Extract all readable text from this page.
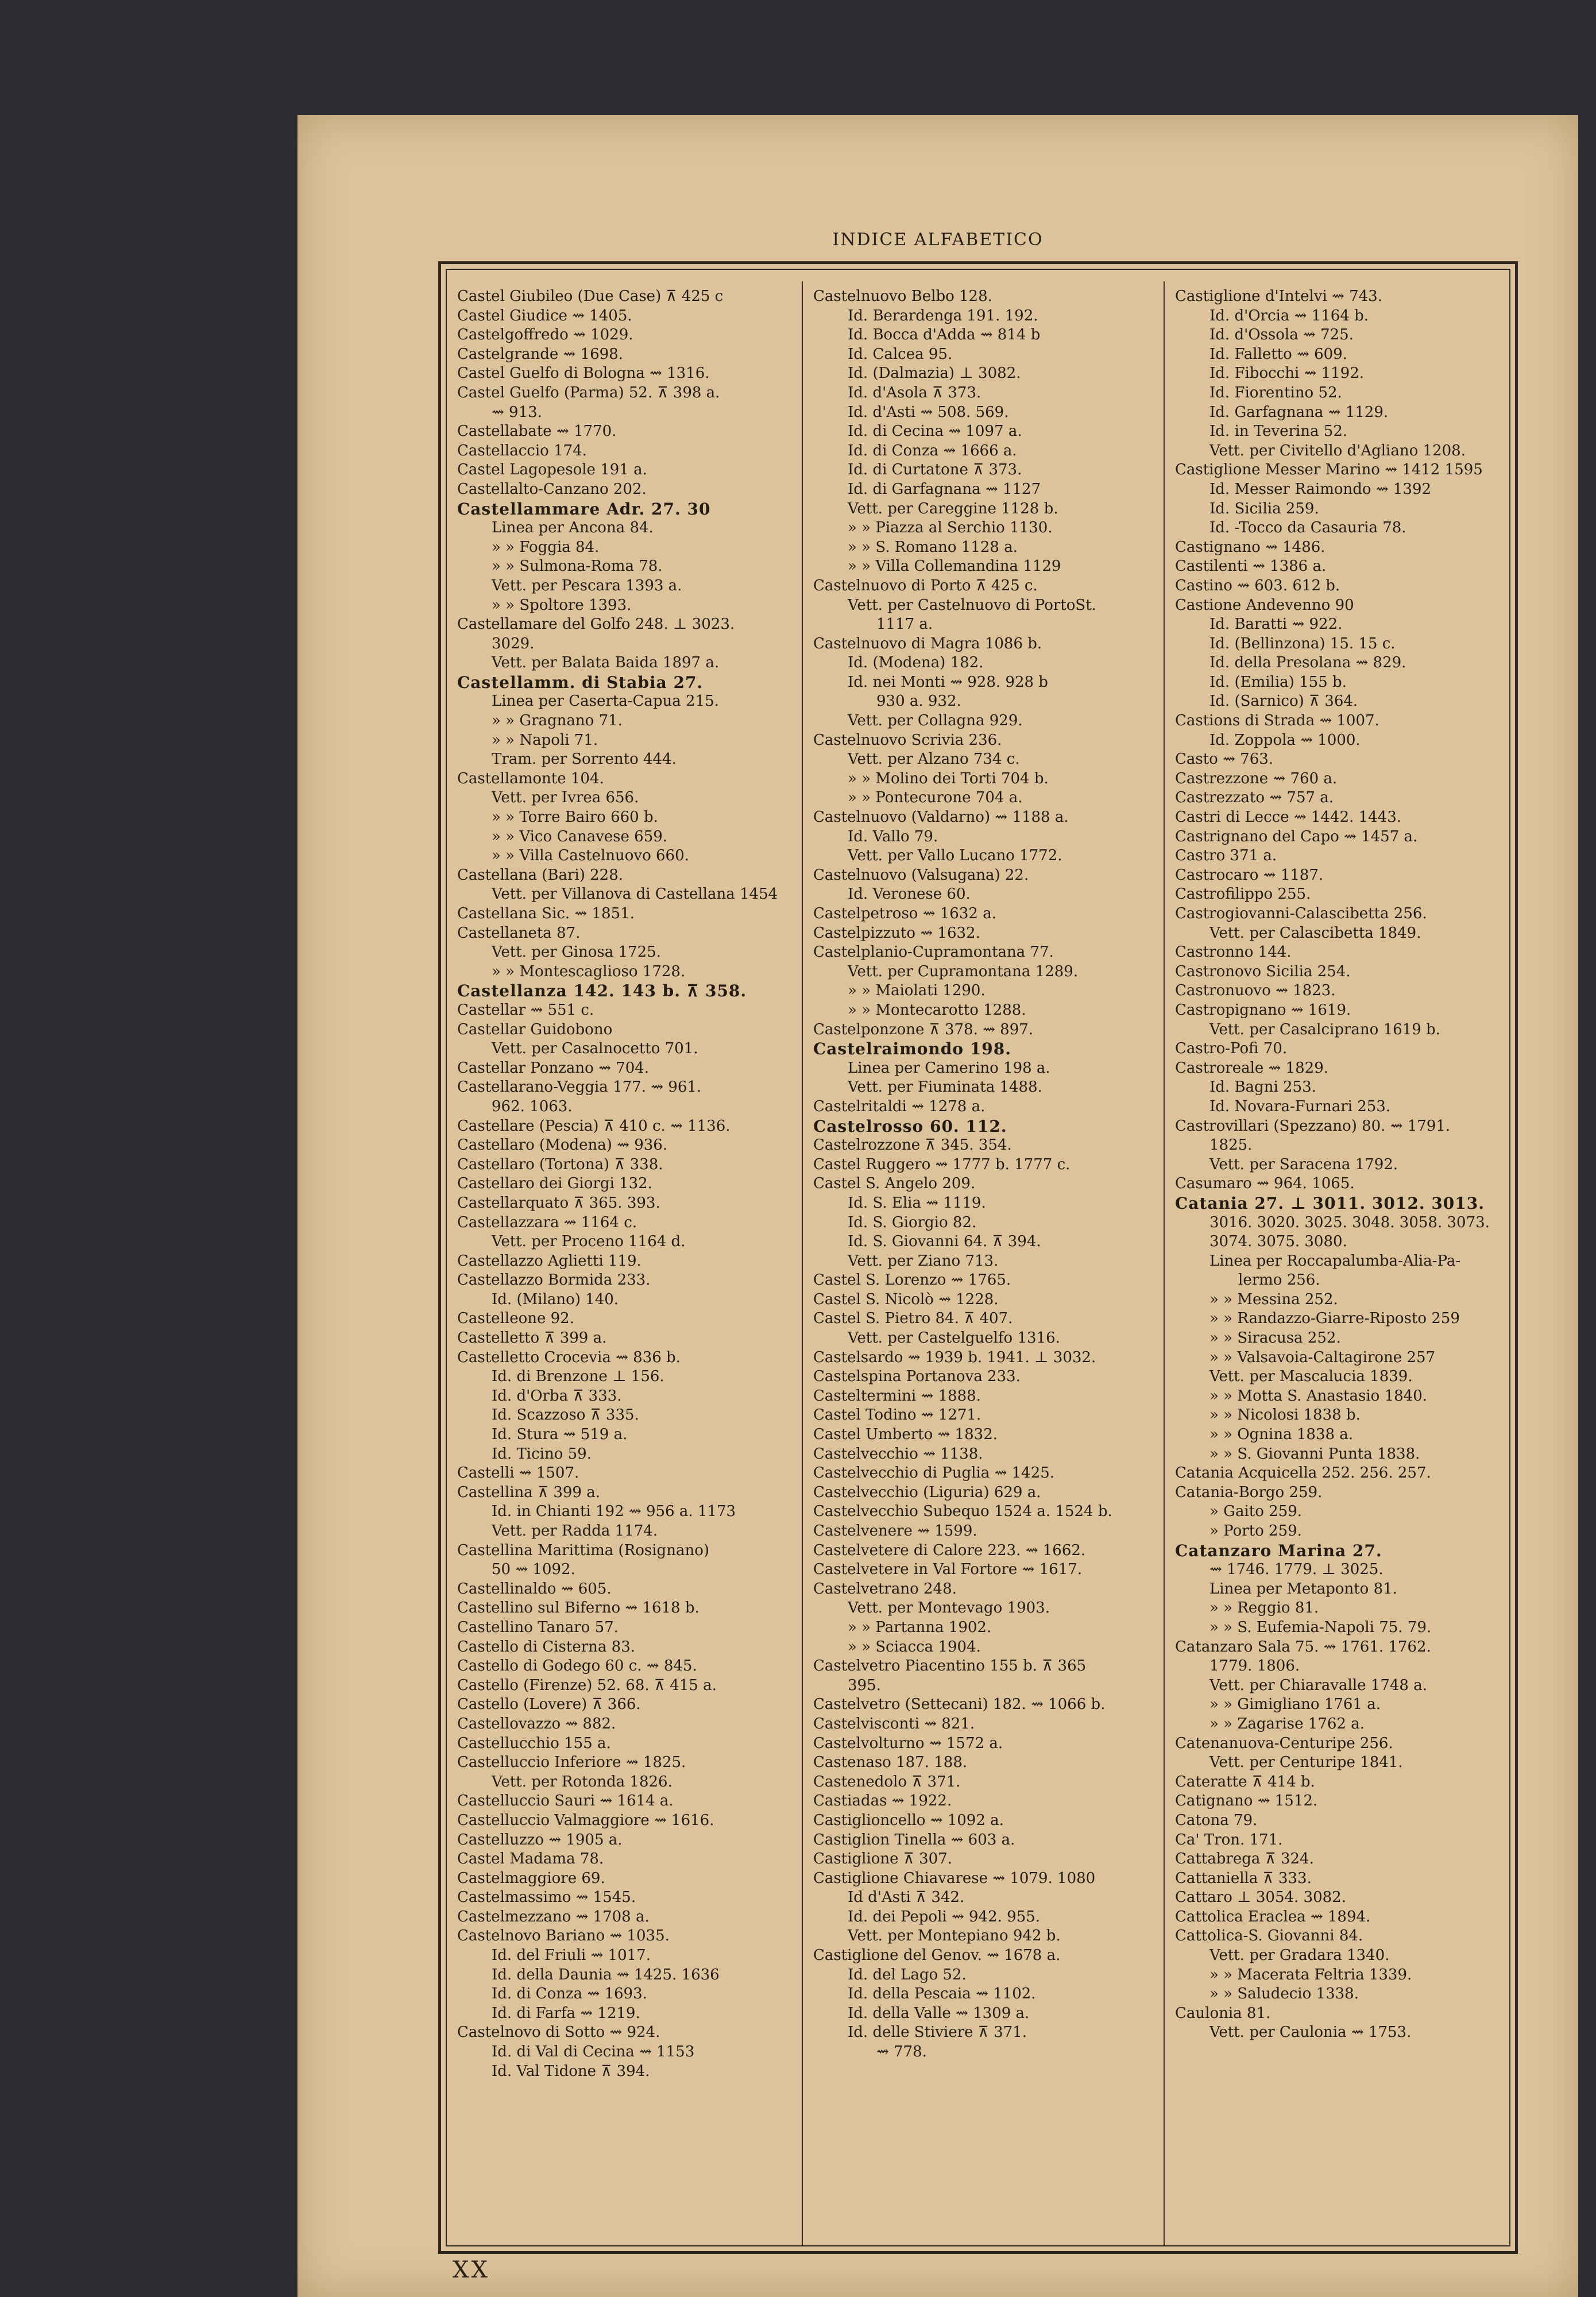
INDICE ALFABETICO
Castel Giubileo (Due Case) ⊼ 425 c
Castel Giudice ⇝ 1405.
Castelgoffredo ⇝ 1029.
Castelgrande ⇝ 1698.
Castel Guelfo di Bologna ⇝ 1316.
Castel Guelfo (Parma) 52. ⊼ 398 a.
⇝ 913.
Castellabate ⇝ 1770.
Castellaccio 174.
Castel Lagopesole 191 a.
Castellalto-Canzano 202.
Castellammare Adr. 27. 30
Linea per Ancona 84.
» » Foggia 84.
» » Sulmona-Roma 78.
Vett. per Pescara 1393 a.
» » Spoltore 1393.
Castellamare del Golfo 248. ⊥ 3023.
3029.
Vett. per Balata Baida 1897 a.
Castellamm. di Stabia 27.
Linea per Caserta-Capua 215.
» » Gragnano 71.
» » Napoli 71.
Tram. per Sorrento 444.
Castellamonte 104.
Vett. per Ivrea 656.
» » Torre Bairo 660 b.
» » Vico Canavese 659.
» » Villa Castelnuovo 660.
Castellana (Bari) 228.
Vett. per Villanova di Castellana 1454
Castellana Sic. ⇝ 1851.
Castellaneta 87.
Vett. per Ginosa 1725.
» » Montescaglioso 1728.
Castellanza 142. 143 b. ⊼ 358.
Castellar ⇝ 551 c.
Castellar Guidobono
Vett. per Casalnocetto 701.
Castellar Ponzano ⇝ 704.
Castellarano-Veggia 177. ⇝ 961.
962. 1063.
Castellare (Pescia) ⊼ 410 c. ⇝ 1136.
Castellaro (Modena) ⇝ 936.
Castellaro (Tortona) ⊼ 338.
Castellaro dei Giorgi 132.
Castellarquato ⊼ 365. 393.
Castellazzara ⇝ 1164 c.
Vett. per Proceno 1164 d.
Castellazzo Aglietti 119.
Castellazzo Bormida 233.
Id. (Milano) 140.
Castelleone 92.
Castelletto ⊼ 399 a.
Castelletto Crocevia ⇝ 836 b.
Id. di Brenzone ⊥ 156.
Id. d'Orba ⊼ 333.
Id. Scazzoso ⊼ 335.
Id. Stura ⇝ 519 a.
Id. Ticino 59.
Castelli ⇝ 1507.
Castellina ⊼ 399 a.
Id. in Chianti 192 ⇝ 956 a. 1173
Vett. per Radda 1174.
Castellina Marittima (Rosignano)
50 ⇝ 1092.
Castellinaldo ⇝ 605.
Castellino sul Biferno ⇝ 1618 b.
Castellino Tanaro 57.
Castello di Cisterna 83.
Castello di Godego 60 c. ⇝ 845.
Castello (Firenze) 52. 68. ⊼ 415 a.
Castello (Lovere) ⊼ 366.
Castellovazzo ⇝ 882.
Castellucchio 155 a.
Castelluccio Inferiore ⇝ 1825.
Vett. per Rotonda 1826.
Castelluccio Sauri ⇝ 1614 a.
Castelluccio Valmaggiore ⇝ 1616.
Castelluzzo ⇝ 1905 a.
Castel Madama 78.
Castelmaggiore 69.
Castelmassimo ⇝ 1545.
Castelmezzano ⇝ 1708 a.
Castelnovo Bariano ⇝ 1035.
Id. del Friuli ⇝ 1017.
Id. della Daunia ⇝ 1425. 1636
Id. di Conza ⇝ 1693.
Id. di Farfa ⇝ 1219.
Castelnovo di Sotto ⇝ 924.
Id. di Val di Cecina ⇝ 1153
Id. Val Tidone ⊼ 394.
Castelnuovo Belbo 128.
Id. Berardenga 191. 192.
Id. Bocca d'Adda ⇝ 814 b
Id. Calcea 95.
Id. (Dalmazia) ⊥ 3082.
Id. d'Asola ⊼ 373.
Id. d'Asti ⇝ 508. 569.
Id. di Cecina ⇝ 1097 a.
Id. di Conza ⇝ 1666 a.
Id. di Curtatone ⊼ 373.
Id. di Garfagnana ⇝ 1127
Vett. per Careggine 1128 b.
» » Piazza al Serchio 1130.
» » S. Romano 1128 a.
» » Villa Collemandina 1129
Castelnuovo di Porto ⊼ 425 c.
Vett. per Castelnuovo di PortoSt.
1117 a.
Castelnuovo di Magra 1086 b.
Id. (Modena) 182.
Id. nei Monti ⇝ 928. 928 b
930 a. 932.
Vett. per Collagna 929.
Castelnuovo Scrivia 236.
Vett. per Alzano 734 c.
» » Molino dei Torti 704 b.
» » Pontecurone 704 a.
Castelnuovo (Valdarno) ⇝ 1188 a.
Id. Vallo 79.
Vett. per Vallo Lucano 1772.
Castelnuovo (Valsugana) 22.
Id. Veronese 60.
Castelpetroso ⇝ 1632 a.
Castelpizzuto ⇝ 1632.
Castelplanio-Cupramontana 77.
Vett. per Cupramontana 1289.
» » Maiolati 1290.
» » Montecarotto 1288.
Castelponzone ⊼ 378. ⇝ 897.
Castelraimondo 198.
Linea per Camerino 198 a.
Vett. per Fiuminata 1488.
Castelritaldi ⇝ 1278 a.
Castelrosso 60. 112.
Castelrozzone ⊼ 345. 354.
Castel Ruggero ⇝ 1777 b. 1777 c.
Castel S. Angelo 209.
Id. S. Elia ⇝ 1119.
Id. S. Giorgio 82.
Id. S. Giovanni 64. ⊼ 394.
Vett. per Ziano 713.
Castel S. Lorenzo ⇝ 1765.
Castel S. Nicolò ⇝ 1228.
Castel S. Pietro 84. ⊼ 407.
Vett. per Castelguelfo 1316.
Castelsardo ⇝ 1939 b. 1941. ⊥ 3032.
Castelspina Portanova 233.
Casteltermini ⇝ 1888.
Castel Todino ⇝ 1271.
Castel Umberto ⇝ 1832.
Castelvecchio ⇝ 1138.
Castelvecchio di Puglia ⇝ 1425.
Castelvecchio (Liguria) 629 a.
Castelvecchio Subequo 1524 a. 1524 b.
Castelvenere ⇝ 1599.
Castelvetere di Calore 223. ⇝ 1662.
Castelvetere in Val Fortore ⇝ 1617.
Castelvetrano 248.
Vett. per Montevago 1903.
» » Partanna 1902.
» » Sciacca 1904.
Castelvetro Piacentino 155 b. ⊼ 365
395.
Castelvetro (Settecani) 182. ⇝ 1066 b.
Castelvisconti ⇝ 821.
Castelvolturno ⇝ 1572 a.
Castenaso 187. 188.
Castenedolo ⊼ 371.
Castiadas ⇝ 1922.
Castiglioncello ⇝ 1092 a.
Castiglion Tinella ⇝ 603 a.
Castiglione ⊼ 307.
Castiglione Chiavarese ⇝ 1079. 1080
Id d'Asti ⊼ 342.
Id. dei Pepoli ⇝ 942. 955.
Vett. per Montepiano 942 b.
Castiglione del Genov. ⇝ 1678 a.
Id. del Lago 52.
Id. della Pescaia ⇝ 1102.
Id. della Valle ⇝ 1309 a.
Id. delle Stiviere ⊼ 371.
⇝ 778.
Castiglione d'Intelvi ⇝ 743.
Id. d'Orcia ⇝ 1164 b.
Id. d'Ossola ⇝ 725.
Id. Falletto ⇝ 609.
Id. Fibocchi ⇝ 1192.
Id. Fiorentino 52.
Id. Garfagnana ⇝ 1129.
Id. in Teverina 52.
Vett. per Civitello d'Agliano 1208.
Castiglione Messer Marino ⇝ 1412 1595
Id. Messer Raimondo ⇝ 1392
Id. Sicilia 259.
Id. -Tocco da Casauria 78.
Castignano ⇝ 1486.
Castilenti ⇝ 1386 a.
Castino ⇝ 603. 612 b.
Castione Andevenno 90
Id. Baratti ⇝ 922.
Id. (Bellinzona) 15. 15 c.
Id. della Presolana ⇝ 829.
Id. (Emilia) 155 b.
Id. (Sarnico) ⊼ 364.
Castions di Strada ⇝ 1007.
Id. Zoppola ⇝ 1000.
Casto ⇝ 763.
Castrezzone ⇝ 760 a.
Castrezzato ⇝ 757 a.
Castri di Lecce ⇝ 1442. 1443.
Castrignano del Capo ⇝ 1457 a.
Castro 371 a.
Castrocaro ⇝ 1187.
Castrofilippo 255.
Castrogiovanni-Calascibetta 256.
Vett. per Calascibetta 1849.
Castronno 144.
Castronovo Sicilia 254.
Castronuovo ⇝ 1823.
Castropignano ⇝ 1619.
Vett. per Casalciprano 1619 b.
Castro-Pofi 70.
Castroreale ⇝ 1829.
Id. Bagni 253.
Id. Novara-Furnari 253.
Castrovillari (Spezzano) 80. ⇝ 1791.
1825.
Vett. per Saracena 1792.
Casumaro ⇝ 964. 1065.
Catania 27. ⊥ 3011. 3012. 3013.
3016. 3020. 3025. 3048. 3058. 3073.
3074. 3075. 3080.
Linea per Roccapalumba-Alia-Pa-
lermo 256.
» » Messina 252.
» » Randazzo-Giarre-Riposto 259
» » Siracusa 252.
» » Valsavoia-Caltagirone 257
Vett. per Mascalucia 1839.
» » Motta S. Anastasio 1840.
» » Nicolosi 1838 b.
» » Ognina 1838 a.
» » S. Giovanni Punta 1838.
Catania Acquicella 252. 256. 257.
Catania-Borgo 259.
» Gaito 259.
» Porto 259.
Catanzaro Marina 27.
⇝ 1746. 1779. ⊥ 3025.
Linea per Metaponto 81.
» » Reggio 81.
» » S. Eufemia-Napoli 75. 79.
Catanzaro Sala 75. ⇝ 1761. 1762.
1779. 1806.
Vett. per Chiaravalle 1748 a.
» » Gimigliano 1761 a.
» » Zagarise 1762 a.
Catenanuova-Centuripe 256.
Vett. per Centuripe 1841.
Cateratte ⊼ 414 b.
Catignano ⇝ 1512.
Catona 79.
Ca' Tron. 171.
Cattabrega ⊼ 324.
Cattaniella ⊼ 333.
Cattaro ⊥ 3054. 3082.
Cattolica Eraclea ⇝ 1894.
Cattolica-S. Giovanni 84.
Vett. per Gradara 1340.
» » Macerata Feltria 1339.
» » Saludecio 1338.
Caulonia 81.
Vett. per Caulonia ⇝ 1753.
XX
